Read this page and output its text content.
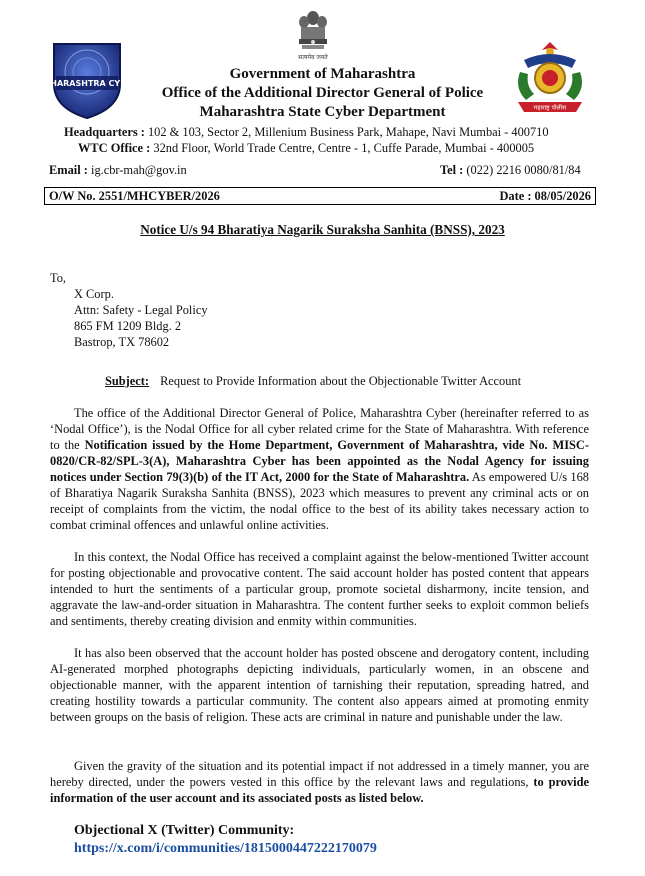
सत्यमेव जयते
MAHARASHTRA CYBER
महाराष्ट्र पोलीस
Government of Maharashtra
Office of the Additional Director General of Police
Maharashtra State Cyber Department
Headquarters : 102 & 103, Sector 2, Millenium Business Park, Mahape, Navi Mumbai - 400710
WTC Office : 32nd Floor, World Trade Centre, Centre - 1, Cuffe Parade, Mumbai - 400005
Email : ig.cbr-mah@gov.in	Tel : (022) 2216 0080/81/84
O/W No. 2551/MHCYBER/2026	Date : 08/05/2026
Notice U/s 94 Bharatiya Nagarik Suraksha Sanhita (BNSS), 2023
To,
X Corp.
Attn: Safety - Legal Policy
865 FM 1209 Bldg. 2
Bastrop, TX 78602
Subject: Request to Provide Information about the Objectionable Twitter Account
The office of the Additional Director General of Police, Maharashtra Cyber (hereinafter referred to as ‘Nodal Office’), is the Nodal Office for all cyber related crime for the State of Maharashtra. With reference to the Notification issued by the Home Department, Government of Maharashtra, vide No. MISC-0820/CR-82/SPL-3(A), Maharashtra Cyber has been appointed as the Nodal Agency for issuing notices under Section 79(3)(b) of the IT Act, 2000 for the State of Maharashtra. As empowered U/s 168 of Bharatiya Nagarik Suraksha Sanhita (BNSS), 2023 which measures to prevent any criminal acts or on receipt of complaints from the victim, the nodal office to the best of its ability takes necessary action to combat criminal offences and unlawful online activities.
In this context, the Nodal Office has received a complaint against the below-mentioned Twitter account for posting objectionable and provocative content. The said account holder has posted content that appears intended to hurt the sentiments of a particular group, promote societal disharmony, incite tension, and aggravate the law-and-order situation in Maharashtra. The content further seeks to exploit common beliefs and sentiments, thereby creating division and enmity within communities.
It has also been observed that the account holder has posted obscene and derogatory content, including AI-generated morphed photographs depicting individuals, particularly women, in an obscene and objectionable manner, with the apparent intention of tarnishing their reputation, spreading hatred, and creating hostility towards a particular community. The content also appears aimed at promoting enmity between groups on the basis of religion. These acts are criminal in nature and punishable under the law.
Given the gravity of the situation and its potential impact if not addressed in a timely manner, you are hereby directed, under the powers vested in this office by the relevant laws and regulations, to provide information of the user account and its associated posts as listed below.
Objectional X (Twitter) Community:
https://x.com/i/communities/1815000447222170079
